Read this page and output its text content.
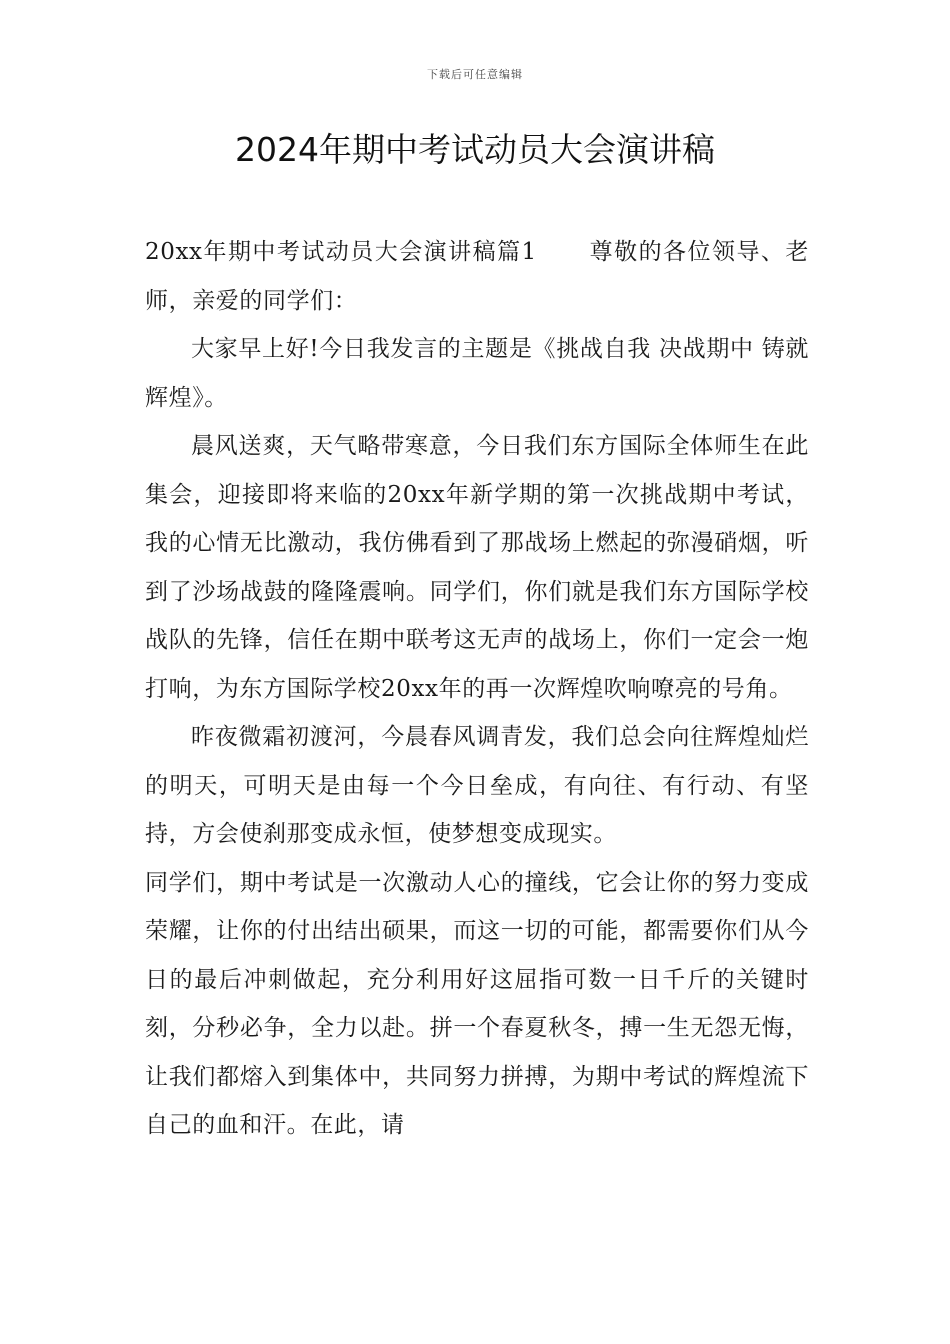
下载后可任意编辑
2024年期中考试动员大会演讲稿

20xx年期中考试动员大会演讲稿篇1 尊敬的各位领导、老师，亲爱的同学们：

大家早上好!今日我发言的主题是《挑战自我 决战期中 铸就辉煌》。

晨风送爽，天气略带寒意，今日我们东方国际全体师生在此集会，迎接即将来临的20xx年新学期的第一次挑战期中考试，我的心情无比激动，我仿佛看到了那战场上燃起的弥漫硝烟，听到了沙场战鼓的隆隆震响。同学们，你们就是我们东方国际学校战队的先锋，信任在期中联考这无声的战场上，你们一定会一炮打响，为东方国际学校20xx年的再一次辉煌吹响嘹亮的号角。

昨夜微霜初渡河，今晨春风调青发，我们总会向往辉煌灿烂的明天，可明天是由每一个今日垒成，有向往、有行动、有坚持，方会使刹那变成永恒，使梦想变成现实。

同学们，期中考试是一次激动人心的撞线，它会让你的努力变成荣耀，让你的付出结出硕果，而这一切的可能，都需要你们从今日的最后冲刺做起，充分利用好这屈指可数一日千斤的关键时刻，分秒必争，全力以赴。拼一个春夏秋冬，搏一生无怨无悔，让我们都熔入到集体中，共同努力拼搏，为期中考试的辉煌流下自己的血和汗。在此，请
